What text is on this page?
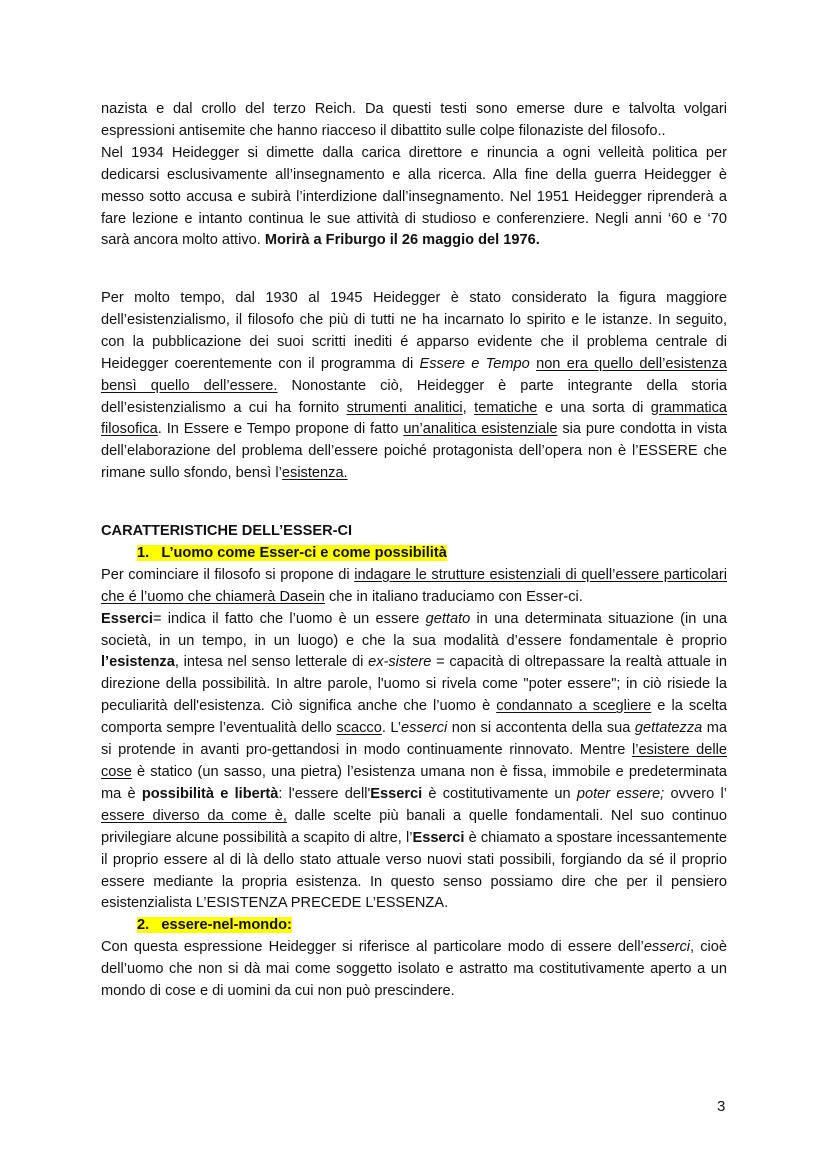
nazista e dal crollo del terzo Reich. Da questi testi sono emerse dure e talvolta volgari espressioni antisemite che hanno riacceso il dibattito sulle colpe filonaziste del filosofo..

Nel 1934 Heidegger si dimette dalla carica direttore e rinuncia a ogni velleità politica per dedicarsi esclusivamente all’insegnamento e alla ricerca. Alla fine della guerra Heidegger è messo sotto accusa e subirà l’interdizione dall’insegnamento. Nel 1951 Heidegger riprenderà a fare lezione e intanto continua le sue attività di studioso e conferenziere. Negli anni ‘60 e ‘70 sarà ancora molto attivo. Morirà a Friburgo il 26 maggio del 1976.

Per molto tempo, dal 1930 al 1945 Heidegger è stato considerato la figura maggiore dell’esistenzialismo, il filosofo che più di tutti ne ha incarnato lo spirito e le istanze. In seguito, con la pubblicazione dei suoi scritti inediti é apparso evidente che il problema centrale di Heidegger coerentemente con il programma di Essere e Tempo non era quello dell’esistenza bensì quello dell’essere. Nonostante ciò, Heidegger è parte integrante della storia dell’esistenzialismo a cui ha fornito strumenti analitici, tematiche e una sorta di grammatica filosofica. In Essere e Tempo propone di fatto un’analitica esistenziale sia pure condotta in vista dell’elaborazione del problema dell’essere poiché protagonista dell’opera non è l’ESSERE che rimane sullo sfondo, bensì l’esistenza.

CARATTERISTICHE DELL’ESSER-CI

1. L’uomo come Esser-ci e come possibilità

Per cominciare il filosofo si propone di indagare le strutture esistenziali di quell’essere particolari che é l’uomo che chiamerà Dasein che in italiano traduciamo con Esser-ci.

Esserci= indica il fatto che l’uomo è un essere gettato in una determinata situazione (in una società, in un tempo, in un luogo) e che la sua modalità d’essere fondamentale è proprio l’esistenza, intesa nel senso letterale di ex-sistere = capacità di oltrepassare la realtà attuale in direzione della possibilità. In altre parole, l'uomo si rivela come "poter essere"; in ciò risiede la peculiarità dell'esistenza. Ciò significa anche che l’uomo è condannato a scegliere e la scelta comporta sempre l’eventualità dello scacco. L’esserci non si accontenta della sua gettatezza ma si protende in avanti pro-gettandosi in modo continuamente rinnovato. Mentre l’esistere delle cose è statico (un sasso, una pietra) l’esistenza umana non è fissa, immobile e predeterminata ma è possibilità e libertà: l'essere dell'Esserci è costitutivamente un poter essere; ovvero l’ essere diverso da come è, dalle scelte più banali a quelle fondamentali. Nel suo continuo privilegiare alcune possibilità a scapito di altre, l’Esserci è chiamato a spostare incessantemente il proprio essere al di là dello stato attuale verso nuovi stati possibili, forgiando da sé il proprio essere mediante la propria esistenza. In questo senso possiamo dire che per il pensiero esistenzialista L’ESISTENZA PRECEDE L’ESSENZA.

2. essere-nel-mondo:

Con questa espressione Heidegger si riferisce al particolare modo di essere dell’esserci, cioè dell’uomo che non si dà mai come soggetto isolato e astratto ma costitutivamente aperto a un mondo di cose e di uomini da cui non può prescindere.

3
